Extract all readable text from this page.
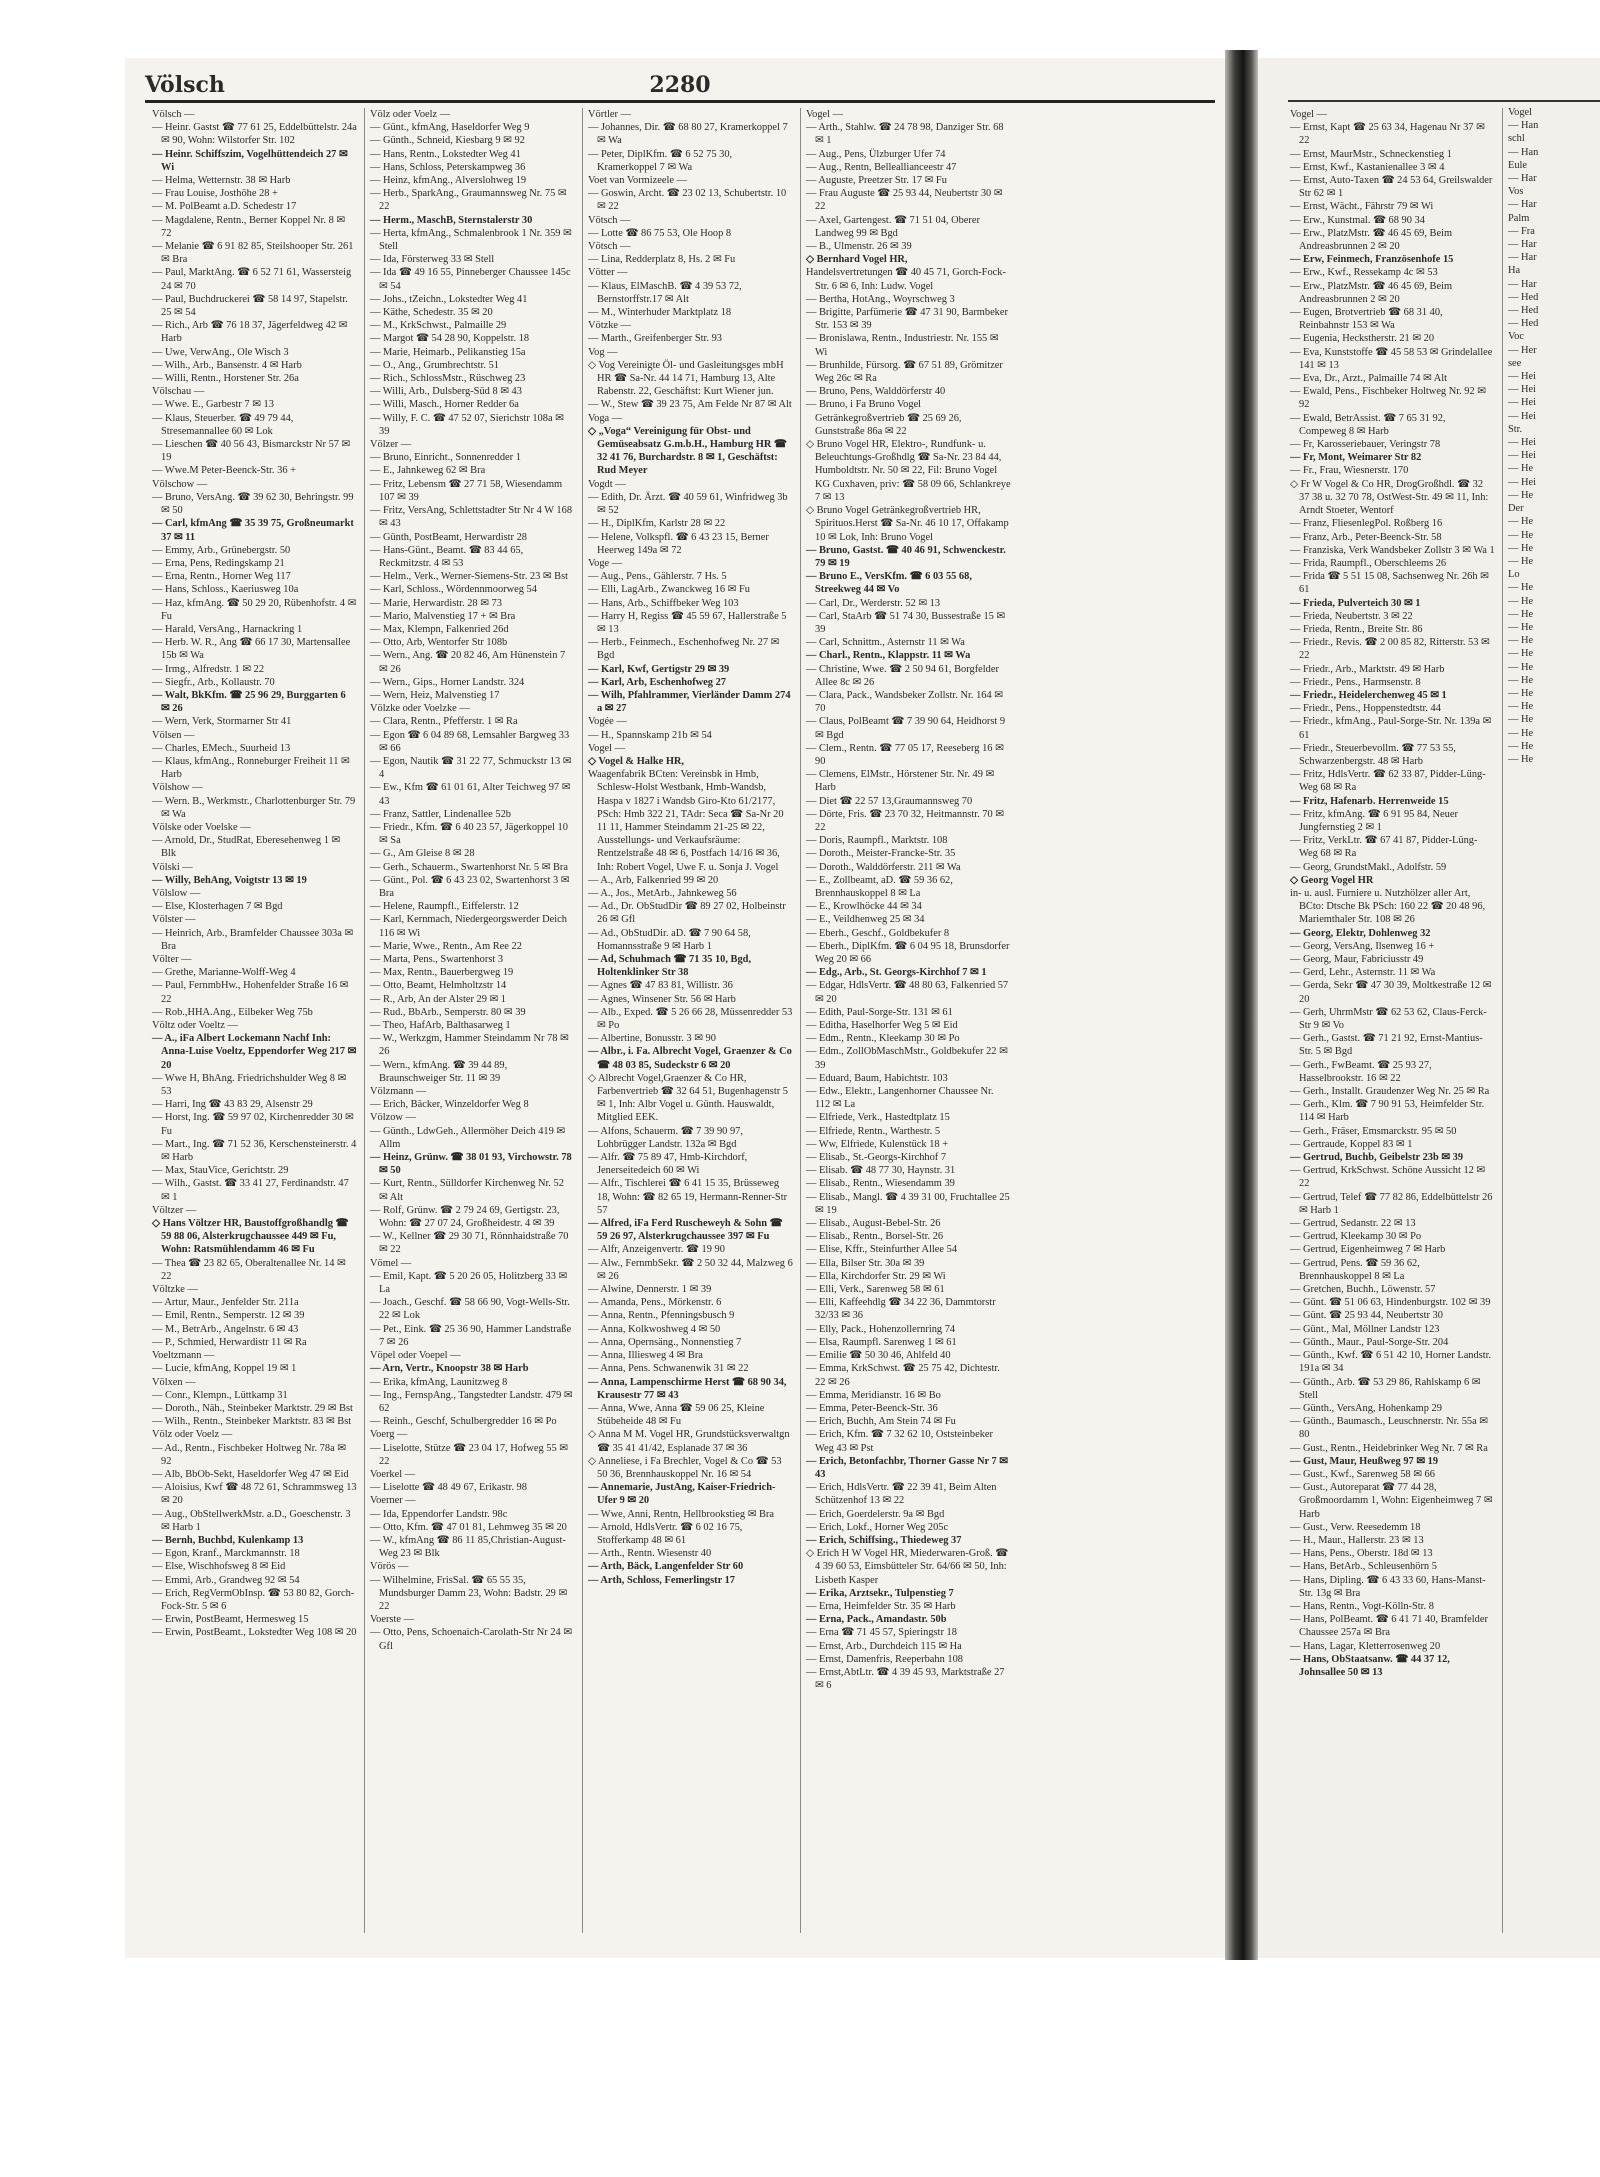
Völsch	2280

Völsch —

— Heinr. Gastst ☎ 77 61 25, Eddelbüttelstr. 24a ✉ 90, Wohn: Wilstorfer Str. 102

— Heinr. Schiffszim, Vogelhüttendeich 27 ✉ Wi

— Helma, Wetternstr. 38 ✉ Harb

— Frau Louise, Josthöhe 28 +

— M. PolBeamt a.D. Schedestr 17

— Magdalene, Rentn., Berner Koppel Nr. 8 ✉ 72

— Melanie ☎ 6 91 82 85, Steilshooper Str. 261 ✉ Bra

— Paul, MarktAng. ☎ 6 52 71 61, Wassersteig 24 ✉ 70

— Paul, Buchdruckerei ☎ 58 14 97, Stapelstr. 25 ✉ 54

— Rich., Arb ☎ 76 18 37, Jägerfeldweg 42 ✉ Harb

— Uwe, VerwAng., Ole Wisch 3

— Wilh., Arb., Bansenstr. 4 ✉ Harb

— Willi, Rentn., Horstener Str. 26a

Völschau —

— Wwe. E., Garbestr 7 ✉ 13

— Klaus, Steuerber. ☎ 49 79 44, Stresemannallee 60 ✉ Lok

— Lieschen ☎ 40 56 43, Bismarckstr Nr 57 ✉ 19

— Wwe.M Peter-Beenck-Str. 36 +

Völschow —

— Bruno, VersAng. ☎ 39 62 30, Behringstr. 99 ✉ 50

— Carl, kfmAng ☎ 35 39 75, Großneumarkt 37 ✉ 11

— Emmy, Arb., Grünebergstr. 50

— Erna, Pens, Redingskamp 21

— Erna, Rentn., Horner Weg 117

— Hans, Schloss., Kaeriusweg 10a

— Haz, kfmAng. ☎ 50 29 20, Rübenhofstr. 4 ✉ Fu

— Harald, VersAng., Harnackring 1

— Herb. W. R., Ang ☎ 66 17 30, Martensallee 15b ✉ Wa

— Irmg., Alfredstr. 1 ✉ 22

— Siegfr., Arb., Kollaustr. 70

— Walt, BkKfm. ☎ 25 96 29, Burggarten 6 ✉ 26

— Wern, Verk, Stormarner Str 41

Völsen —

— Charles, EMech., Suurheid 13

— Klaus, kfmAng., Ronneburger Freiheit 11 ✉ Harb

Völshow —

— Wern. B., Werkmstr., Charlottenburger Str. 79 ✉ Wa

Völske oder Voelske —

— Arnold, Dr., StudRat, Eberesehenweg 1 ✉ Blk

Völski —

— Willy, BehAng, Voigtstr 13 ✉ 19

Völslow —

— Else, Klosterhagen 7 ✉ Bgd

Völster —

— Heinrich, Arb., Bramfelder Chaussee 303a ✉ Bra

Völter —

— Grethe, Marianne-Wolff-Weg 4

— Paul, FernmbHw., Hohenfelder Straße 16 ✉ 22

— Rob.,HHA.Ang., Eilbeker Weg 75b

Völtz oder Voeltz —

— A., iFa Albert Lockemann Nachf Inh: Anna-Luise Voeltz, Eppendorfer Weg 217 ✉ 20

— Wwe H, BhAng. Friedrichshulder Weg 8 ✉ 53

— Harri, Ing ☎ 43 83 29, Alsenstr 29

— Horst, Ing. ☎ 59 97 02, Kirchenredder 30 ✉ Fu

— Mart., Ing. ☎ 71 52 36, Kerschensteinerstr. 4 ✉ Harb

— Max, StauVice, Gerichtstr. 29

— Wilh., Gastst. ☎ 33 41 27, Ferdinandstr. 47 ✉ 1

Völtzer —

◇ Hans Völtzer HR, Baustoffgroßhandlg ☎ 59 88 06, Alsterkrugchaussee 449 ✉ Fu, Wohn: Ratsmühlendamm 46 ✉ Fu

— Thea ☎ 23 82 65, Oberaltenallee Nr. 14 ✉ 22

Völtzke —

— Artur, Maur., Jenfelder Str. 211a

— Emil, Rentn., Semperstr. 12 ✉ 39

— M., BetrArb., Angelnstr. 6 ✉ 43

— P., Schmied, Herwardistr 11 ✉ Ra

Voeltzmann —

— Lucie, kfmAng, Koppel 19 ✉ 1

Völxen —

— Conr., Klempn., Lüttkamp 31

— Doroth., Näh., Steinbeker Marktstr. 29 ✉ Bst

— Wilh., Rentn., Steinbeker Marktstr. 83 ✉ Bst

Völz oder Voelz —

— Ad., Rentn., Fischbeker Holtweg Nr. 78a ✉ 92

— Alb, BbOb-Sekt, Haseldorfer Weg 47 ✉ Eid

— Aloisius, Kwf ☎ 48 72 61, Schrammsweg 13 ✉ 20

— Aug., ObStellwerkMstr. a.D., Goeschenstr. 3 ✉ Harb 1

— Bernh, Buchbd, Kulenkamp 13

— Egon, Kranf., Marckmannstr. 18

— Else, Wischhofsweg 8 ✉ Eid

— Emmi, Arb., Grandweg 92 ✉ 54

— Erich, RegVermObInsp. ☎ 53 80 82, Gorch-Fock-Str. 5 ✉ 6

— Erwin, PostBeamt, Hermesweg 15

— Erwin, PostBeamt., Lokstedter Weg 108 ✉ 20

Völz oder Voelz —

— Günt., kfmAng, Haseldorfer Weg 9

— Günth., Schneid, Kiesbarg 9 ✉ 92

— Hans, Rentn., Lokstedter Weg 41

— Hans, Schloss, Peterskampweg 36

— Heinz, kfmAng., Alverslohweg 19

— Herb., SparkAng., Graumannsweg Nr. 75 ✉ 22

— Herm., MaschB, Sternstalerstr 30

— Herta, kfmAng., Schmalenbrook 1 Nr. 359 ✉ Stell

— Ida, Försterweg 33 ✉ Stell

— Ida ☎ 49 16 55, Pinneberger Chaussee 145c ✉ 54

— Johs., tZeichn., Lokstedter Weg 41

— Käthe, Schedestr. 35 ✉ 20

— M., KrkSchwst., Palmaille 29

— Margot ☎ 54 28 90, Koppelstr. 18

— Marie, Heimarb., Pelikanstieg 15a

— O., Ang., Grumbrechtstr. 51

— Rich., SchlossMstr., Rüschweg 23

— Willi, Arb., Dulsberg-Süd 8 ✉ 43

— Willi, Masch., Horner Redder 6a

— Willy, F. C. ☎ 47 52 07, Sierichstr 108a ✉ 39

Völzer —

— Bruno, Einricht., Sonnenredder 1

— E., Jahnkeweg 62 ✉ Bra

— Fritz, Lebensm ☎ 27 71 58, Wiesendamm 107 ✉ 39

— Fritz, VersAng, Schlettstadter Str Nr 4 W 168 ✉ 43

— Günth, PostBeamt, Herwardistr 28

— Hans-Günt., Beamt. ☎ 83 44 65, Reckmitzstr. 4 ✉ 53

— Helm., Verk., Werner-Siemens-Str. 23 ✉ Bst

— Karl, Schloss., Wördennmoorweg 54

— Marie, Herwardistr. 28 ✉ 73

— Mario, Malvenstieg 17 + ✉ Bra

— Max, Klempn, Falkenried 26d

— Otto, Arb, Wentorfer Str 108b

— Wern., Ang. ☎ 20 82 46, Am Hünenstein 7 ✉ 26

— Wern., Gips., Horner Landstr. 324

— Wern, Heiz, Malvenstieg 17

Völzke oder Voelzke —

— Clara, Rentn., Pfefferstr. 1 ✉ Ra

— Egon ☎ 6 04 89 68, Lemsahler Bargweg 33 ✉ 66

— Egon, Nautik ☎ 31 22 77, Schmuckstr 13 ✉ 4

— Ew., Kfm ☎ 61 01 61, Alter Teichweg 97 ✉ 43

— Franz, Sattler, Lindenallee 52b

— Friedr., Kfm. ☎ 6 40 23 57, Jägerkoppel 10 ✉ Sa

— G., Am Gleise 8 ✉ 28

— Gerh., Schauerm., Swartenhorst Nr. 5 ✉ Bra

— Günt., Pol. ☎ 6 43 23 02, Swartenhorst 3 ✉ Bra

— Helene, Raumpfl., Eiffelerstr. 12

— Karl, Kernmach, Niedergeorgswerder Deich 116 ✉ Wi

— Marie, Wwe., Rentn., Am Ree 22

— Marta, Pens., Swartenhorst 3

— Max, Rentn., Bauerbergweg 19

— Otto, Beamt, Helmholtzstr 14

— R., Arb, An der Alster 29 ✉ 1

— Rud., BbArb., Semperstr. 80 ✉ 39

— Theo, HafArb, Balthasarweg 1

— W., Werkzgm, Hammer Steindamm Nr 78 ✉ 26

— Wern., kfmAng. ☎ 39 44 89, Braunschweiger Str. 11 ✉ 39

Völzmann —

— Erich, Bäcker, Winzeldorfer Weg 8

Völzow —

— Günth., LdwGeh., Allermöher Deich 419 ✉ Allm

— Heinz, Grünw. ☎ 38 01 93, Virchowstr. 78 ✉ 50

— Kurt, Rentn., Sülldorfer Kirchenweg Nr. 52 ✉ Alt

— Rolf, Grünw. ☎ 2 79 24 69, Gertigstr. 23, Wohn: ☎ 27 07 24, Großheidestr. 4 ✉ 39

— W., Kellner ☎ 29 30 71, Rönnhaidstraße 70 ✉ 22

Vömel —

— Emil, Kapt. ☎ 5 20 26 05, Holitzberg 33 ✉ La

— Joach., Geschf. ☎ 58 66 90, Vogt-Wells-Str. 22 ✉ Lok

— Pet., Eink. ☎ 25 36 90, Hammer Landstraße 7 ✉ 26

Vöpel oder Voepel —

— Arn, Vertr., Knoopstr 38 ✉ Harb

— Erika, kfmAng, Launitzweg 8

— Ing., FernspAng., Tangstedter Landstr. 479 ✉ 62

— Reinh., Geschf, Schulbergredder 16 ✉ Po

Voerg —

— Liselotte, Stütze ☎ 23 04 17, Hofweg 55 ✉ 22

Voerkel —

— Liselotte ☎ 48 49 67, Erikastr. 98

Voerner —

— Ida, Eppendorfer Landstr. 98c

— Otto, Kfm. ☎ 47 01 81, Lehmweg 35 ✉ 20

— W., kfmAng ☎ 86 11 85,Christian-August-Weg 23 ✉ Blk

Vörös —

— Wilhelmine, FrisSal. ☎ 65 55 35, Mundsburger Damm 23, Wohn: Badstr. 29 ✉ 22

Voerste —

— Otto, Pens, Schoenaich-Carolath-Str Nr 24 ✉ Gfl

Vörtler —

— Johannes, Dir. ☎ 68 80 27, Kramerkoppel 7 ✉ Wa

— Peter, DiplKfm. ☎ 6 52 75 30, Kramerkoppel 7 ✉ Wa

Voet van Vormizeele —

— Goswin, Archt. ☎ 23 02 13, Schubertstr. 10 ✉ 22

Vötsch —

— Lotte ☎ 86 75 53, Ole Hoop 8

Vötsch —

— Lina, Redderplatz 8, Hs. 2 ✉ Fu

Vötter —

— Klaus, ElMaschB. ☎ 4 39 53 72, Bernstorffstr.17 ✉ Alt

— M., Winterhuder Marktplatz 18

Vötzke —

— Marth., Greifenberger Str. 93

Vog —

◇ Vog Vereinigte Öl- und Gasleitungsges mbH HR ☎ Sa-Nr. 44 14 71, Hamburg 13, Alte Rabenstr. 22, Geschäftst: Kurt Wiener jun.

— W., Stew ☎ 39 23 75, Am Felde Nr 87 ✉ Alt

Voga —

◇ „Voga“ Vereinigung für Obst- und Gemüseabsatz G.m.b.H., Hamburg HR ☎ 32 41 76, Burchardstr. 8 ✉ 1, Geschäftst: Rud Meyer

Vogdt —

— Edith, Dr. Ärzt. ☎ 40 59 61, Winfridweg 3b ✉ 52

— H., DiplKfm, Karlstr 28 ✉ 22

— Helene, Volkspfl. ☎ 6 43 23 15, Berner Heerweg 149a ✉ 72

Voge —

— Aug., Pens., Gählerstr. 7 Hs. 5

— Elli, LagArb., Zwanckweg 16 ✉ Fu

— Hans, Arb., Schiffbeker Weg 103

— Harry H, Regiss ☎ 45 59 67, Hallerstraße 5 ✉ 13

— Herb., Feinmech., Eschenhofweg Nr. 27 ✉ Bgd

— Karl, Kwf, Gertigstr 29 ✉ 39

— Karl, Arb, Eschenhofweg 27

— Wilh, Pfahlrammer, Vierländer Damm 274 a ✉ 27

Vogée —

— H., Spannskamp 21b ✉ 54

Vogel —

◇ Vogel & Halke HR,

Waagenfabrik BCten: Vereinsbk in Hmb, Schlesw-Holst Westbank, Hmb-Wandsb, Haspa v 1827 i Wandsb Giro-Kto 61/2177, PSch: Hmb 322 21, TAdr: Seca ☎ Sa-Nr 20 11 11, Hammer Steindamm 21-25 ✉ 22, Ausstellungs- und Verkaufsräume: Rentzelstraße 48 ✉ 6, Postfach 14/16 ✉ 36, Inh: Robert Vogel, Uwe F. u. Sonja J. Vogel

— A., Arb, Falkenried 99 ✉ 20

— A., Jos., MetArb., Jahnkeweg 56

— Ad., Dr. ObStudDir ☎ 89 27 02, Holbeinstr 26 ✉ Gfl

— Ad., ObStudDir. aD. ☎ 7 90 64 58, Homannsstraße 9 ✉ Harb 1

— Ad, Schuhmach ☎ 71 35 10, Bgd, Holtenklinker Str 38

— Agnes ☎ 47 83 81, Willistr. 36

— Agnes, Winsener Str. 56 ✉ Harb

— Alb., Exped. ☎ 5 26 66 28, Müssenredder 53 ✉ Po

— Albertine, Bonusstr. 3 ✉ 90

— Albr., i. Fa. Albrecht Vogel, Graenzer & Co ☎ 48 03 85, Sudeckstr 6 ✉ 20

◇ Albrecht Vogel,Graenzer & Co HR, Farbenvertrieb ☎ 32 64 51, Bugenhagenstr 5 ✉ 1, Inh: Albr Vogel u. Günth. Hauswaldt, Mitglied EEK.

— Alfons, Schauerm. ☎ 7 39 90 97, Lohbrügger Landstr. 132a ✉ Bgd

— Alfr. ☎ 75 89 47, Hmb-Kirchdorf, Jenerseitedeich 60 ✉ Wi

— Alfr., Tischlerei ☎ 6 41 15 35, Brüsseweg 18, Wohn: ☎ 82 65 19, Hermann-Renner-Str 57

— Alfred, iFa Ferd Ruscheweyh & Sohn ☎ 59 26 97, Alsterkrugchaussee 397 ✉ Fu

— Alfr, Anzeigenvertr. ☎ 19 90

— Alw., FernmbSekr. ☎ 2 50 32 44, Malzweg 6 ✉ 26

— Alwine, Dennerstr. 1 ✉ 39

— Amanda, Pens., Mörkenstr. 6

— Anna, Rentn., Pfenningsbusch 9

— Anna, Kolkwoshweg 4 ✉ 50

— Anna, Opernsäng., Nonnenstieg 7

— Anna, Illiesweg 4 ✉ Bra

— Anna, Pens. Schwanenwik 31 ✉ 22

— Anna, Lampenschirme Herst ☎ 68 90 34, Krausestr 77 ✉ 43

— Anna, Wwe, Anna ☎ 59 06 25, Kleine Stübeheide 48 ✉ Fu

◇ Anna M M. Vogel HR, Grundstücksverwaltgn ☎ 35 41 41/42, Esplanade 37 ✉ 36

◇ Anneliese, i Fa Brechler, Vogel & Co ☎ 53 50 36, Brennhauskoppel Nr. 16 ✉ 54

— Annemarie, JustAng, Kaiser-Friedrich-Ufer 9 ✉ 20

— Wwe, Anni, Rentn, Hellbrookstieg ✉ Bra

— Arnold, HdlsVertr. ☎ 6 02 16 75, Stofferkamp 48 ✉ 61

— Arth., Rentn. Wiesenstr 40

— Arth, Bäck, Langenfelder Str 60

— Arth, Schloss, Femerlingstr 17

Vogel —

— Arth., Stahlw. ☎ 24 78 98, Danziger Str. 68 ✉ 1

— Aug., Pens, Ülzburger Ufer 74

— Aug., Rentn, Belleallianceestr 47

— Auguste, Preetzer Str. 17 ✉ Fu

— Frau Auguste ☎ 25 93 44, Neubertstr 30 ✉ 22

— Axel, Gartengest. ☎ 71 51 04, Oberer Landweg 99 ✉ Bgd

— B., Ulmenstr. 26 ✉ 39

◇ Bernhard Vogel HR,

Handelsvertretungen ☎ 40 45 71, Gorch-Fock-Str. 6 ✉ 6, Inh: Ludw. Vogel

— Bertha, HotAng., Woyrschweg 3

— Brigitte, Parfümerie ☎ 47 31 90, Barmbeker Str. 153 ✉ 39

— Bronislawa, Rentn., Industriestr. Nr. 155 ✉ Wi

— Brunhilde, Fürsorg. ☎ 67 51 89, Grömitzer Weg 26c ✉ Ra

— Bruno, Pens, Walddörferstr 40

— Bruno, i Fa Bruno Vogel Getränkegroßvertrieb ☎ 25 69 26, Gunststraße 86a ✉ 22

◇ Bruno Vogel HR, Elektro-, Rundfunk- u. Beleuchtungs-Großhdlg ☎ Sa-Nr. 23 84 44, Humboldtstr. Nr. 50 ✉ 22, Fil: Bruno Vogel KG Cuxhaven, priv: ☎ 58 09 66, Schlankreye 7 ✉ 13

◇ Bruno Vogel Getränkegroßvertrieb HR, Spirituos.Herst ☎ Sa-Nr. 46 10 17, Offakamp 10 ✉ Lok, Inh: Bruno Vogel

— Bruno, Gastst. ☎ 40 46 91, Schwenckestr. 79 ✉ 19

— Bruno E., VersKfm. ☎ 6 03 55 68, Streekweg 44 ✉ Vo

— Carl, Dr., Werderstr. 52 ✉ 13

— Carl, StaArb ☎ 51 74 30, Bussestraße 15 ✉ 39

— Carl, Schnittm., Asternstr 11 ✉ Wa

— Charl., Rentn., Klappstr. 11 ✉ Wa

— Christine, Wwe. ☎ 2 50 94 61, Borgfelder Allee 8c ✉ 26

— Clara, Pack., Wandsbeker Zollstr. Nr. 164 ✉ 70

— Claus, PolBeamt ☎ 7 39 90 64, Heidhorst 9 ✉ Bgd

— Clem., Rentn. ☎ 77 05 17, Reeseberg 16 ✉ 90

— Clemens, ElMstr., Hörstener Str. Nr. 49 ✉ Harb

— Diet ☎ 22 57 13,Graumannsweg 70

— Dörte, Fris. ☎ 23 70 32, Heitmannstr. 70 ✉ 22

— Doris, Raumpfl., Marktstr. 108

— Doroth., Meister-Francke-Str. 35

— Doroth., Walddörferstr. 211 ✉ Wa

— E., Zollbeamt, aD. ☎ 59 36 62, Brennhauskoppel 8 ✉ La

— E., Krowlhöcke 44 ✉ 34

— E., Veildhenweg 25 ✉ 34

— Eberh., Geschf., Goldbekufer 8

— Eberh., DiplKfm. ☎ 6 04 95 18, Brunsdorfer Weg 20 ✉ 66

— Edg., Arb., St. Georgs-Kirchhof 7 ✉ 1

— Edgar, HdlsVertr. ☎ 48 80 63, Falkenried 57 ✉ 20

— Edith, Paul-Sorge-Str. 131 ✉ 61

— Editha, Haselhorfer Weg 5 ✉ Eid

— Edm., Rentn., Kleekamp 30 ✉ Po

— Edm., ZollObMaschMstr., Goldbekufer 22 ✉ 39

— Eduard, Baum, Habichtstr. 103

— Edw., Elektr., Langenhorner Chaussee Nr. 112 ✉ La

— Elfriede, Verk., Hastedtplatz 15

— Elfriede, Rentn., Warthestr. 5

— Ww, Elfriede, Kulenstück 18 +

— Elisab., St.-Georgs-Kirchhof 7

— Elisab. ☎ 48 77 30, Haynstr. 31

— Elisab., Rentn., Wiesendamm 39

— Elisab., Mangl. ☎ 4 39 31 00, Fruchtallee 25 ✉ 19

— Elisab., August-Bebel-Str. 26

— Elisab., Rentn., Borsel-Str. 26

— Elise, Kffr., Steinfurther Allee 54

— Ella, Bilser Str. 30a ✉ 39

— Ella, Kirchdorfer Str. 29 ✉ Wi

— Elli, Verk., Sarenweg 58 ✉ 61

— Elli, Kaffeehdlg ☎ 34 22 36, Dammtorstr 32/33 ✉ 36

— Elly, Pack., Hohenzollernring 74

— Elsa, Raumpfl. Sarenweg 1 ✉ 61

— Emilie ☎ 50 30 46, Ahlfeld 40

— Emma, KrkSchwst. ☎ 25 75 42, Dichtestr. 22 ✉ 26

— Emma, Meridianstr. 16 ✉ Bo

— Emma, Peter-Beenck-Str. 36

— Erich, Buchh, Am Stein 74 ✉ Fu

— Erich, Kfm. ☎ 7 32 62 10, Oststeinbeker Weg 43 ✉ Pst

— Erich, Betonfachbr, Thorner Gasse Nr 7 ✉ 43

— Erich, HdlsVertr. ☎ 22 39 41, Beim Alten Schützenhof 13 ✉ 22

— Erich, Goerdelerstr. 9a ✉ Bgd

— Erich, Lokf., Horner Weg 205c

— Erich, Schiffsing., Thiedeweg 37

◇ Erich H W Vogel HR, Miederwaren-Groß. ☎ 4 39 60 53, Eimsbütteler Str. 64/66 ✉ 50, Inh: Lisbeth Kasper

— Erika, Arztsekr., Tulpenstieg 7

— Erna, Heimfelder Str. 35 ✉ Harb

— Erna, Pack., Amandastr. 50b

— Erna ☎ 71 45 57, Spieringstr 18

— Ernst, Arb., Durchdeich 115 ✉ Ha

— Ernst, Damenfris, Reeperbahn 108

— Ernst,AbtLtr. ☎ 4 39 45 93, Marktstraße 27 ✉ 6

Vogel —

— Ernst, Kapt ☎ 25 63 34, Hagenau Nr 37 ✉ 22

— Ernst, MaurMstr., Schneckenstieg 1

— Ernst, Kwf., Kastanienallee 3 ✉ 4

— Ernst, Auto-Taxen ☎ 24 53 64, Greilswalder Str 62 ✉ 1

— Ernst, Wächt., Fährstr 79 ✉ Wi

— Erw., Kunstmal. ☎ 68 90 34

— Erw., PlatzMstr. ☎ 46 45 69, Beim Andreasbrunnen 2 ✉ 20

— Erw, Feinmech, Französenhofe 15

— Erw., Kwf., Ressekamp 4c ✉ 53

— Erw., PlatzMstr. ☎ 46 45 69, Beim Andreasbrunnen 2 ✉ 20

— Eugen, Brotvertrieb ☎ 68 31 40, Reinbahnstr 153 ✉ Wa

— Eugenia, Heckstherstr. 21 ✉ 20

— Eva, Kunststoffe ☎ 45 58 53 ✉ Grindelallee 141 ✉ 13

— Eva, Dr., Arzt., Palmaille 74 ✉ Alt

— Ewald, Pens., Fischbeker Holtweg Nr. 92 ✉ 92

— Ewald, BetrAssist. ☎ 7 65 31 92, Compeweg 8 ✉ Harb

— Fr, Karosseriebauer, Veringstr 78

— Fr, Mont, Weimarer Str 82

— Fr., Frau, Wiesnerstr. 170

◇ Fr W Vogel & Co HR, DrogGroßhdl. ☎ 32 37 38 u. 32 70 78, OstWest-Str. 49 ✉ 11, Inh: Arndt Stoeter, Wentorf

— Franz, FliesenlegPol. Roßberg 16

— Franz, Arb., Peter-Beenck-Str. 58

— Franziska, Verk Wandsbeker Zollstr 3 ✉ Wa 1

— Frida, Raumpfl., Oberschleems 26

— Frida ☎ 5 51 15 08, Sachsenweg Nr. 26h ✉ 61

— Frieda, Pulverteich 30 ✉ 1

— Frieda, Neubertstr. 3 ✉ 22

— Frieda, Rentn., Breite Str. 86

— Friedr., Revis. ☎ 2 00 85 82, Ritterstr. 53 ✉ 22

— Friedr., Arb., Marktstr. 49 ✉ Harb

— Friedr., Pens., Harmsenstr. 8

— Friedr., Heidelerchenweg 45 ✉ 1

— Friedr., Pens., Hoppenstedtstr. 44

— Friedr., kfmAng., Paul-Sorge-Str. Nr. 139a ✉ 61

— Friedr., Steuerbevollm. ☎ 77 53 55, Schwarzenbergstr. 48 ✉ Harb

— Fritz, HdlsVertr. ☎ 62 33 87, Pidder-Lüng-Weg 68 ✉ Ra

— Fritz, Hafenarb. Herrenweide 15

— Fritz, kfmAng. ☎ 6 91 95 84, Neuer Jungfernstieg 2 ✉ 1

— Fritz, VerkLtr. ☎ 67 41 87, Pidder-Lüng-Weg 68 ✉ Ra

— Georg, GrundstMakl., Adolfstr. 59

◇ Georg Vogel HR

in- u. ausl. Furniere u. Nutzhölzer aller Art, BCto: Dtsche Bk PSch: 160 22 ☎ 20 48 96, Mariemthaler Str. 108 ✉ 26

— Georg, Elektr, Dohlenweg 32

— Georg, VersAng, Ilsenweg 16 +

— Georg, Maur, Fabriciusstr 49

— Gerd, Lehr., Asternstr. 11 ✉ Wa

— Gerda, Sekr ☎ 47 30 39, Moltkestraße 12 ✉ 20

— Gerh, UhrmMstr ☎ 62 53 62, Claus-Ferck-Str 9 ✉ Vo

— Gerh., Gastst. ☎ 71 21 92, Ernst-Mantius-Str. 5 ✉ Bgd

— Gerh., FwBeamt. ☎ 25 93 27, Hasselbrookstr. 16 ✉ 22

— Gerh., Installt. Graudenzer Weg Nr. 25 ✉ Ra

— Gerh., Klm. ☎ 7 90 91 53, Heimfelder Str. 114 ✉ Harb

— Gerh., Fräser, Emsmarckstr. 95 ✉ 50

— Gertraude, Koppel 83 ✉ 1

— Gertrud, Buchb, Geibelstr 23b ✉ 39

— Gertrud, KrkSchwst. Schöne Aussicht 12 ✉ 22

— Gertrud, Telef ☎ 77 82 86, Eddelbüttelstr 26 ✉ Harb 1

— Gertrud, Sedanstr. 22 ✉ 13

— Gertrud, Kleekamp 30 ✉ Po

— Gertrud, Eigenheimweg 7 ✉ Harb

— Gertrud, Pens. ☎ 59 36 62, Brennhauskoppel 8 ✉ La

— Gretchen, Buchh., Löwenstr. 57

— Günt. ☎ 51 06 63, Hindenburgstr. 102 ✉ 39

— Günt. ☎ 25 93 44, Neubertstr 30

— Günt., Mal, Möllner Landstr 123

— Günth., Maur., Paul-Sorge-Str. 204

— Günth., Kwf. ☎ 6 51 42 10, Horner Landstr. 191a ✉ 34

— Günth., Arb. ☎ 53 29 86, Rahlskamp 6 ✉ Stell

— Günth., VersAng, Hohenkamp 29

— Günth., Baumasch., Leuschnerstr. Nr. 55a ✉ 80

— Gust., Rentn., Heidebrinker Weg Nr. 7 ✉ Ra

— Gust, Maur, Heußweg 97 ✉ 19

— Gust., Kwf., Sarenweg 58 ✉ 66

— Gust., Autoreparat ☎ 77 44 28, Großmoordamm 1, Wohn: Eigenheimweg 7 ✉ Harb

— Gust., Verw. Reesedemm 18

— H., Maur., Hallerstr. 23 ✉ 13

— Hans, Pens., Oberstr. 18d ✉ 13

— Hans, BetArb., Schleusenhörn 5

— Hans, Dipling. ☎ 6 43 33 60, Hans-Manst-Str. 13g ✉ Bra

— Hans, Rentn., Vogt-Kölln-Str. 8

— Hans, PolBeamt. ☎ 6 41 71 40, Bramfelder Chaussee 257a ✉ Bra

— Hans, Lagar, Kletterrosenweg 20

— Hans, ObStaatsanw. ☎ 44 37 12, Johnsallee 50 ✉ 13

Vogel

— Han

schl

— Han

Eule

— Har

Vos

— Har

Palm

— Fra

— Har

— Har

Ha

— Har

— Hed

— Hed

— Hed

Voc

— Her

see

— Hei

— Hei

— Hei

— Hei

Str.

— Hei

— Hei

— He

— Hei

— He

Der

— He

— He

— He

— He

Lo

— He

— He

— He

— He

— He

— He

— He

— He

— He

— He

— He

— He

— He

— He
